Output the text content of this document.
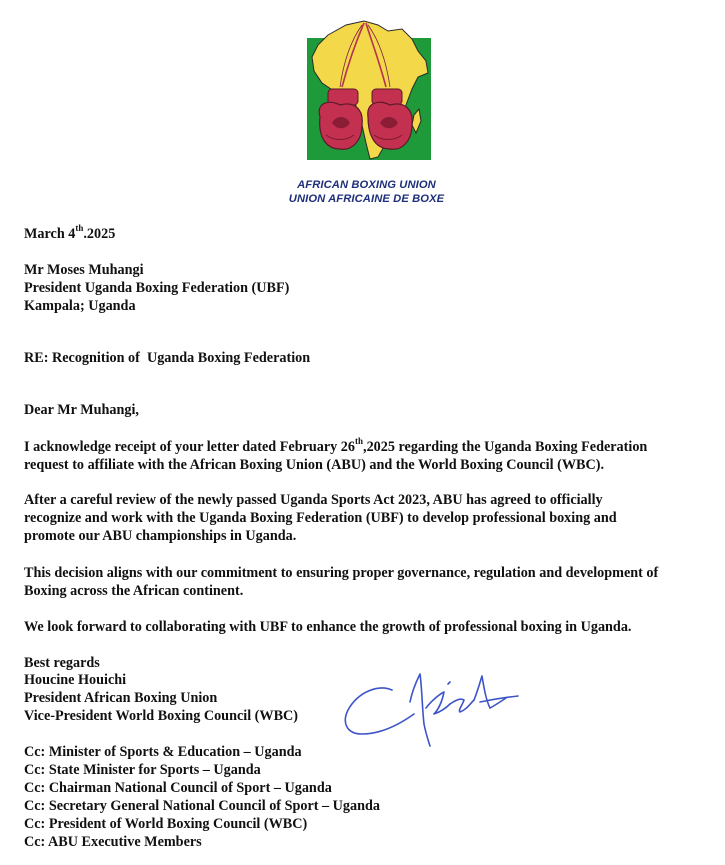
AFRICAN BOXING UNION
UNION AFRICAINE DE BOXE
March 4th.2025
Mr Moses Muhangi
President Uganda Boxing Federation (UBF)
Kampala; Uganda
RE: Recognition of  Uganda Boxing Federation
Dear Mr Muhangi,
I acknowledge receipt of your letter dated February 26th,2025 regarding the Uganda Boxing Federation
request to affiliate with the African Boxing Union (ABU) and the World Boxing Council (WBC).
After a careful review of the newly passed Uganda Sports Act 2023, ABU has agreed to officially
recognize and work with the Uganda Boxing Federation (UBF) to develop professional boxing and
promote our ABU championships in Uganda.
This decision aligns with our commitment to ensuring proper governance, regulation and development of
Boxing across the African continent.
We look forward to collaborating with UBF to enhance the growth of professional boxing in Uganda.
Best regards
Houcine Houichi
President African Boxing Union
Vice-President World Boxing Council (WBC)
Cc: Minister of Sports & Education – Uganda
Cc: State Minister for Sports – Uganda
Cc: Chairman National Council of Sport – Uganda
Cc: Secretary General National Council of Sport – Uganda
Cc: President of World Boxing Council (WBC)
Cc: ABU Executive Members
